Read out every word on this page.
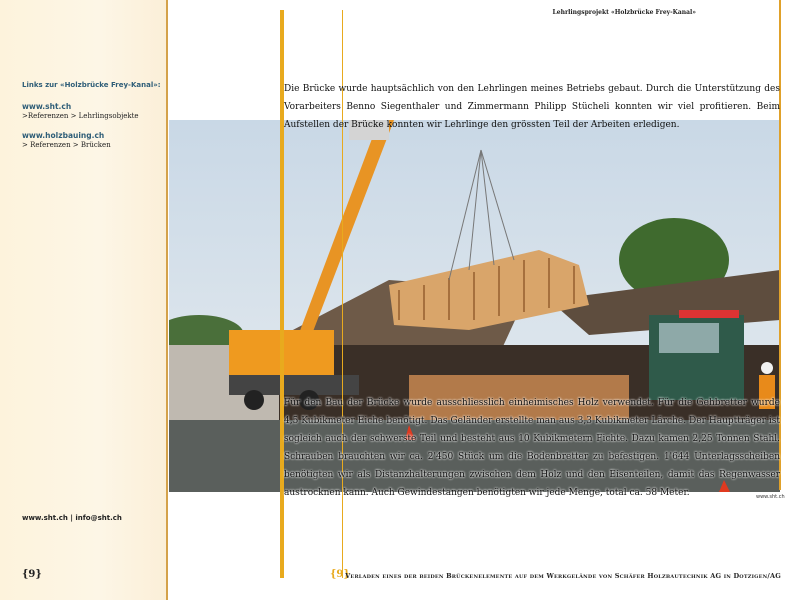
Links zur «Holzbrücke Frey-Kanal»:
www.sht.ch
>Referenzen > Lehrlingsobjekte
www.holzbauing.ch
> Referenzen > Brücken
www.sht.ch | info@sht.ch
{9}
Lehrlingsprojekt «Holzbrücke Frey-Kanal»
Die Brücke wurde hauptsächlich von den Lehrlingen meines Betriebs gebaut. Durch die Unterstützung des Vorarbeiters Benno Siegenthaler und Zimmermann Philipp Stücheli konnten wir viel profitieren. Beim Aufstellen der Brücke konnten wir Lehrlinge den grössten Teil der Arbeiten erledigen.
Für den Bau der Brücke wurde ausschliesslich einheimisches Holz verwendet. Für die Gehbretter wurde 4,5 Kubikmeter Eiche benötigt. Das Geländer erstellte man aus 3,3 Kubikmeter Lärche. Der Hauptträger ist sogleich auch der schwerste Teil und besteht aus 10 Kubikmetern Fichte. Dazu kamen 2,25 Tonnen Stahl. Schrauben brauchten wir ca. 2'450 Stück um die Bodenbretter zu befestigen. 1'644 Unterlagsscheiben benötigten wir als Distanzhalterungen zwischen dem Holz und den Eisenteilen, damit das Regenwasser austrocknen kann. Auch Gewindestangen benötigten wir jede Menge, total ca. 58 Meter.	www.sht.ch
{9}
Verladen eines der beiden Brückenelemente auf dem Werkgelände von Schäfer Holzbautechnik AG in Dotzigen/AG
